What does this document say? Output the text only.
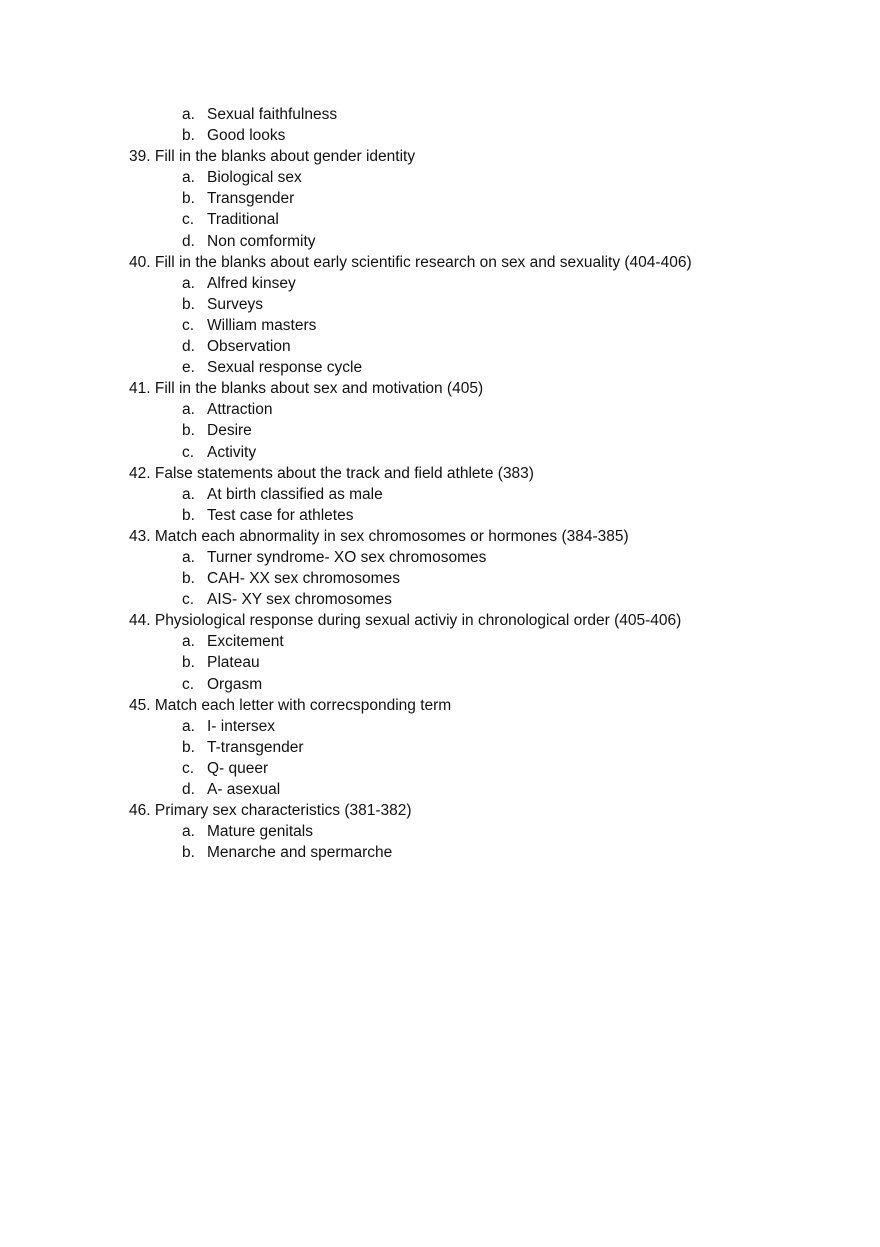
a. Sexual faithfulness
b. Good looks
39. Fill in the blanks about gender identity
a. Biological sex
b. Transgender
c. Traditional
d. Non comformity
40. Fill in the blanks about early scientific research on sex and sexuality (404-406)
a. Alfred kinsey
b. Surveys
c. William masters
d. Observation
e. Sexual response cycle
41. Fill in the blanks about sex and motivation (405)
a. Attraction
b. Desire
c. Activity
42. False statements about the track and field athlete (383)
a. At birth classified as male
b. Test case for athletes
43. Match each abnormality in sex chromosomes or hormones (384-385)
a. Turner syndrome- XO sex chromosomes
b. CAH- XX sex chromosomes
c. AIS- XY sex chromosomes
44. Physiological response during sexual activiy in chronological order (405-406)
a. Excitement
b. Plateau
c. Orgasm
45. Match each letter with correcsponding term
a. I- intersex
b. T-transgender
c. Q- queer
d. A- asexual
46. Primary sex characteristics (381-382)
a. Mature genitals
b. Menarche and spermarche
